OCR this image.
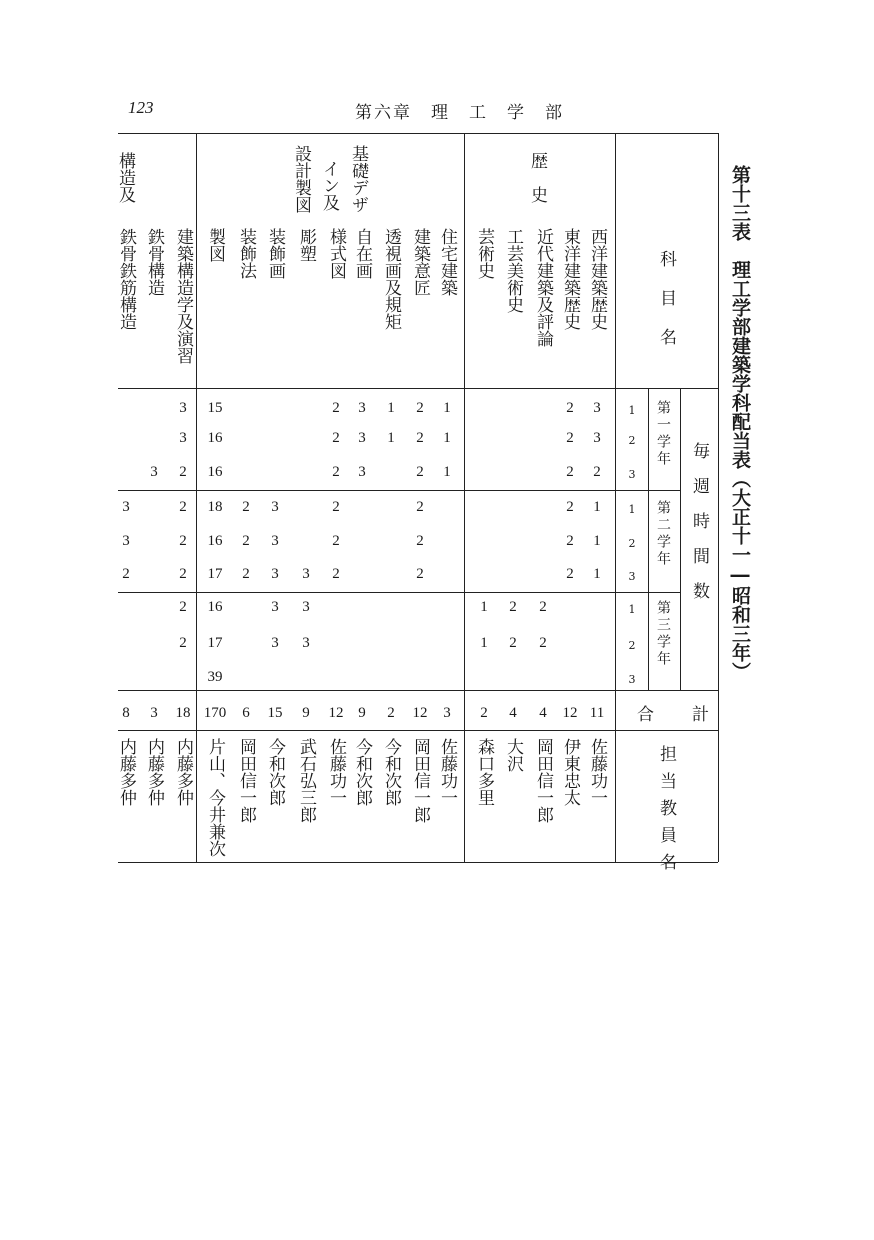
123	第六章　理　工　学　部
第十三表　理工学部建築学科配当表（大正十一―昭和三年）
科目名
毎週時間数
第一学年
第二学年
第三学年
合計
担当教員名
歴　史
基礎デザ
イン及
設計製図
構造及
1
2
3
1
2
3
1
2
3
西洋建築歴史
3
3
2
1
1
1
11
佐藤功一
東洋建築歴史
2
2
2
2
2
2
12
伊東忠太
近代建築及評論
2
2
4
岡田信一郎
工芸美術史
2
2
4
大沢
芸術史
1
1
2
森口多里
住宅建築
1
1
1
3
佐藤功一
建築意匠
2
2
2
2
2
2
12
岡田信一郎
透視画及規矩
1
1
2
今和次郎
自在画
3
3
3
9
今和次郎
様式図
2
2
2
2
2
2
12
佐藤功一
彫塑
3
3
3
9
武石弘三郎
装飾画
3
3
3
3
3
15
今和次郎
装飾法
2
2
2
6
岡田信一郎
製図
15
16
16
18
16
17
16
17
39
170
片山、今井兼次
建築構造学及演習
3
3
2
2
2
2
2
2
18
内藤多仲
鉄骨構造
3
3
内藤多仲
鉄骨鉄筋構造
3
3
2
8
内藤多仲
